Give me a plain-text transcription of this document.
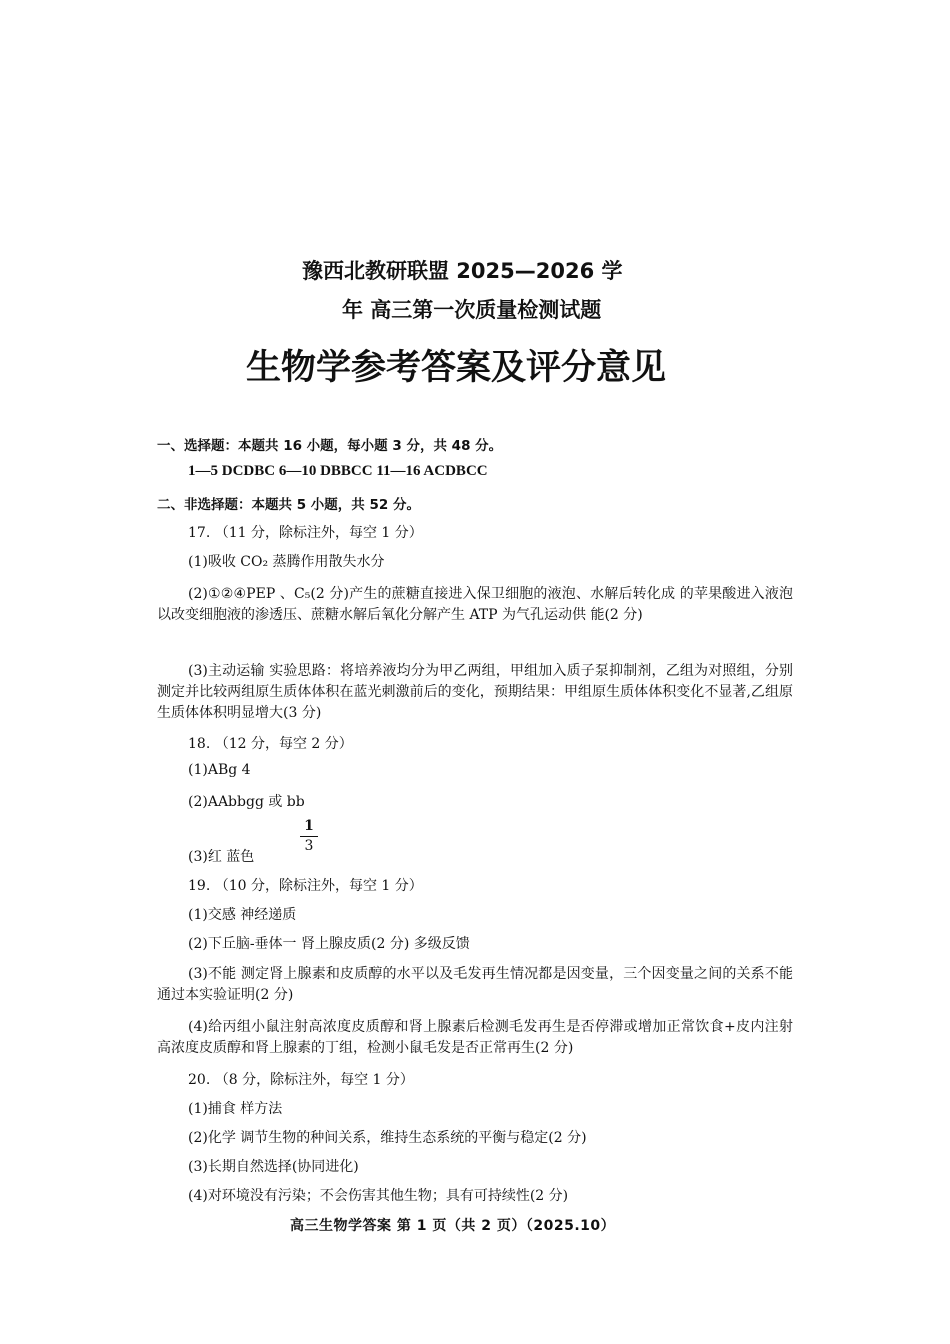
豫西北教研联盟 2025—2026 学
年 高三第一次质量检测试题
生物学参考答案及评分意见
一、选择题：本题共 16 小题，每小题 3 分，共 48 分。
1—5 DCDBC 6—10 DBBCC 11—16 ACDBCC
二、非选择题：本题共 5 小题，共 52 分。
17. （11 分，除标注外，每空 1 分）
(1)吸收 CO₂ 蒸腾作用散失水分
(2)①②④PEP 、C₅(2 分)产生的蔗糖直接进入保卫细胞的液泡、水解后转化成 的苹果酸进入液泡以改变细胞液的渗透压、蔗糖水解后氧化分解产生 ATP 为气孔运动供 能(2 分)
(3)主动运输 实验思路：将培养液均分为甲乙两组，甲组加入质子泵抑制剂，乙组为对照组，分别测定并比较两组原生质体体积在蓝光刺激前后的变化，预期结果：甲组原生质体体积变化不显著,乙组原生质体体积明显增大(3 分)
18. （12 分，每空 2 分）
(1)ABg 4
(2)AAbbgg 或 bb
(3)红 蓝色
$\frac{1}{3}$
19. （10 分，除标注外，每空 1 分）
(1)交感 神经递质
(2)下丘脑-垂体一 肾上腺皮质(2 分) 多级反馈
(3)不能 测定肾上腺素和皮质醇的水平以及毛发再生情况都是因变量，三个因变量之间的关系不能通过本实验证明(2 分)
(4)给丙组小鼠注射高浓度皮质醇和肾上腺素后检测毛发再生是否停滞或增加正常饮食+皮内注射高浓度皮质醇和肾上腺素的丁组，检测小鼠毛发是否正常再生(2 分)
20. （8 分，除标注外，每空 1 分）
(1)捕食 样方法
(2)化学 调节生物的种间关系，维持生态系统的平衡与稳定(2 分)
(3)长期自然选择(协同进化)
(4)对环境没有污染；不会伤害其他生物；具有可持续性(2 分)
高三生物学答案 第 1 页（共 2 页）（2025.10）
